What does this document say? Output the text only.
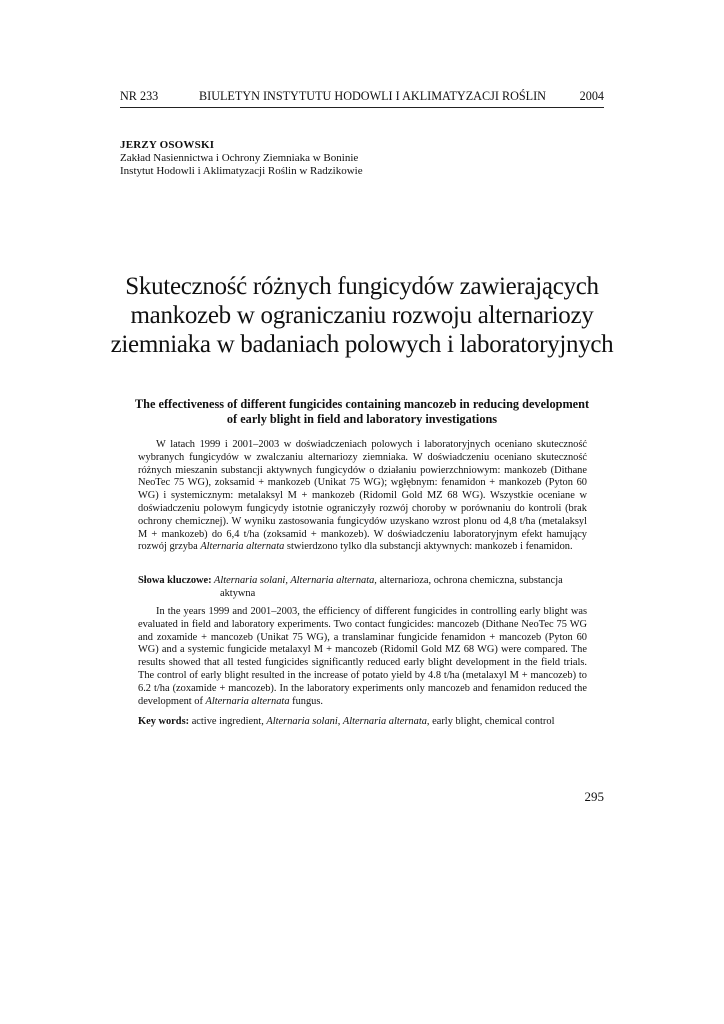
NR 233	BIULETYN INSTYTUTU HODOWLI I AKLIMATYZACJI ROŚLIN	2004
JERZY OSOWSKI
Zakład Nasiennictwa i Ochrony Ziemniaka w Boninie
Instytut Hodowli i Aklimatyzacji Roślin w Radzikowie
Skuteczność różnych fungicydów zawierających mankozeb w ograniczaniu rozwoju alternariozy ziemniaka w badaniach polowych i laboratoryjnych
The effectiveness of different fungicides containing mancozeb in reducing development of early blight in field and laboratory investigations
W latach 1999 i 2001–2003 w doświadczeniach polowych i laboratoryjnych oceniano skuteczność wybranych fungicydów w zwalczaniu alternariozy ziemniaka. W doświadczeniu oceniano skuteczność różnych mieszanin substancji aktywnych fungicydów o działaniu powierzchniowym: mankozeb (Dithane NeoTec 75 WG), zoksamid + mankozeb (Unikat 75 WG); wgłębnym: fenamidon + mankozeb (Pyton 60 WG) i systemicznym: metalaksyl M + mankozeb (Ridomil Gold MZ 68 WG). Wszystkie oceniane w doświadczeniu polowym fungicydy istotnie ograniczyły rozwój choroby w porównaniu do kontroli (brak ochrony chemicznej). W wyniku zastosowania fungicydów uzyskano wzrost plonu od 4,8 t/ha (metalaksyl M + mankozeb) do 6,4 t/ha (zoksamid + mankozeb). W doświadczeniu laboratoryjnym efekt hamujący rozwój grzyba Alternaria alternata stwierdzono tylko dla substancji aktywnych: mankozeb i fenamidon.
Słowa kluczowe: Alternaria solani, Alternaria alternata, alternarioza, ochrona chemiczna, substancja
aktywna
In the years 1999 and 2001–2003, the efficiency of different fungicides in controlling early blight was evaluated in field and laboratory experiments. Two contact fungicides: mancozeb (Dithane NeoTec 75 WG and zoxamide + mancozeb (Unikat 75 WG), a translaminar fungicide fenamidon + mancozeb (Pyton 60 WG) and a systemic fungicide metalaxyl M + mancozeb (Ridomil Gold MZ 68 WG) were compared. The results showed that all tested fungicides significantly reduced early blight development in the field trials. The control of early blight resulted in the increase of potato yield by 4.8 t/ha (metalaxyl M + mancozeb) to 6.2 t/ha (zoxamide + mancozeb). In the laboratory experiments only mancozeb and fenamidon reduced the development of Alternaria alternata fungus.
Key words: active ingredient, Alternaria solani, Alternaria alternata, early blight, chemical control
295
